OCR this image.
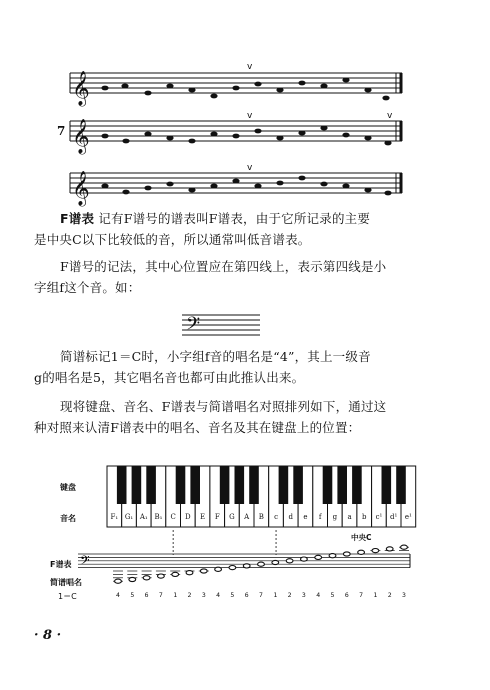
𝄞
𝄞
𝄞
v
v	v
v
7
F谱表 记有F谱号的谱表叫F谱表，由于它所记录的主要
是中央C以下比较低的音，所以通常叫低音谱表。
F谱号的记法，其中心位置应在第四线上，表示第四线是小
字组f这个音。如：
𝄢
简谱标记1＝C时，小字组f音的唱名是“4”，其上一级音
g的唱名是5，其它唱名音也都可由此推认出来。
现将键盘、音名、F谱表与简谱唱名对照排列如下，通过这
种对照来认清F谱表中的唱名、音名及其在键盘上的位置：
键盘
音名
F谱表
简谱唱名
1＝C
F₁ G₁ A₁ B₁	C	D	E	F	G	A	B	c	d	e	f	g	a	b	c¹	d¹	e¹
中央C
𝄢
4	5	6	7	1	2	3	4	5	6	7	1	2	3	4	5	6	7	1	2	3
· 8 ·
